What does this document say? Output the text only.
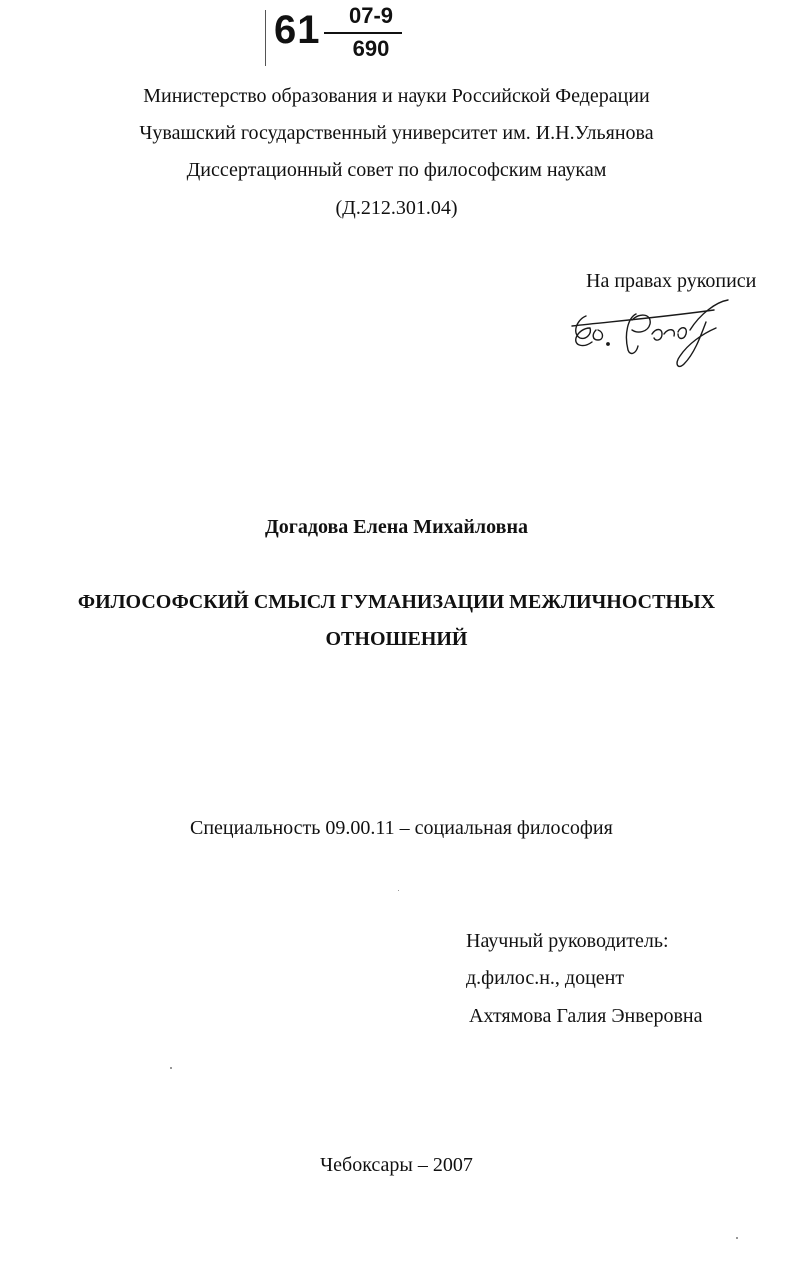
61	07-9
690
Министерство образования и науки Российской Федерации
Чувашский государственный университет им. И.Н.Ульянова
Диссертационный совет по философским наукам
(Д.212.301.04)
На правах рукописи
Догадова Елена Михайловна
ФИЛОСОФСКИЙ СМЫСЛ ГУМАНИЗАЦИИ МЕЖЛИЧНОСТНЫХ
ОТНОШЕНИЙ
Специальность 09.00.11 – социальная философия
Научный руководитель:
д.филос.н., доцент
Ахтямова Галия Энверовна
Чебоксары – 2007
